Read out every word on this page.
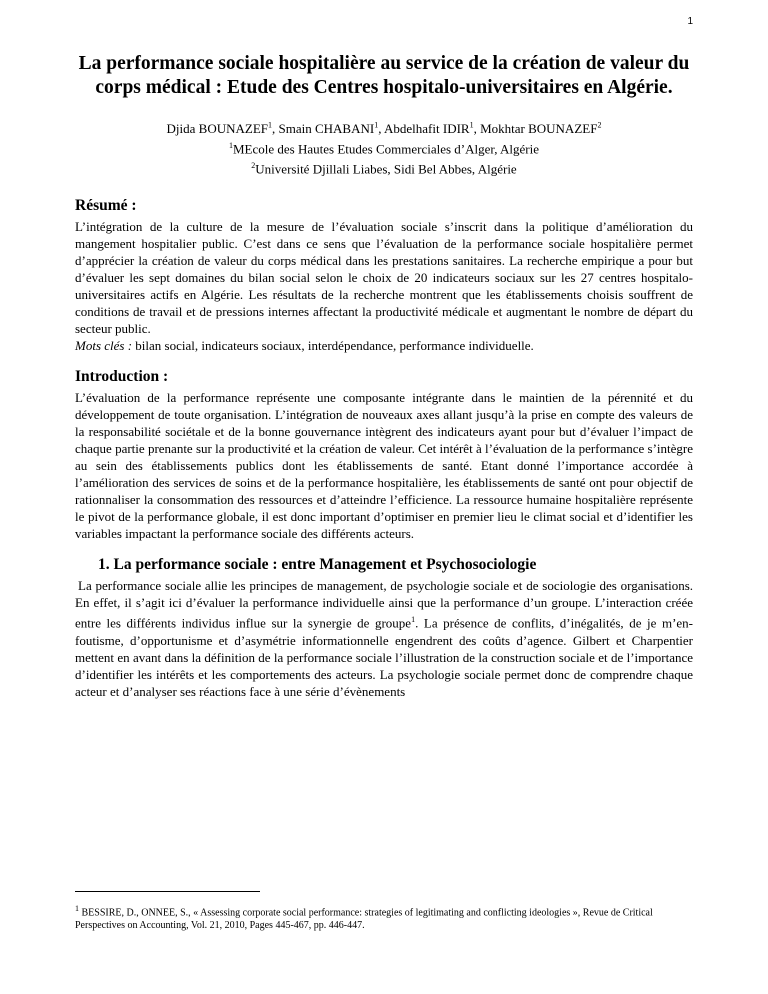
1
La performance sociale hospitalière au service de la création de valeur du corps médical : Etude des Centres hospitalo-universitaires en Algérie.
Djida BOUNAZEF$^1$, Smain CHABANI$^1$, Abdelhafit IDIR$^1$, Mokhtar BOUNAZEF$^2$
$^1$MEcole des Hautes Etudes Commerciales d’Alger, Algérie
$^2$Université Djillali Liabes, Sidi Bel Abbes, Algérie
Résumé :

L’intégration de la culture de la mesure de l’évaluation sociale s’inscrit dans la politique d’amélioration du mangement hospitalier public. C’est dans ce sens que l’évaluation de la performance sociale hospitalière permet d’apprécier la création de valeur du corps médical dans les prestations sanitaires. La recherche empirique a pour but d’évaluer les sept domaines du bilan social selon le choix de 20 indicateurs sociaux sur les 27 centres hospitalo-universitaires actifs en Algérie. Les résultats de la recherche montrent que les établissements choisis souffrent de conditions de travail et de pressions internes affectant la productivité médicale et augmentant le nombre de départ du secteur public.

Mots clés : bilan social, indicateurs sociaux, interdépendance, performance individuelle.
Introduction :

L’évaluation de la performance représente une composante intégrante dans le maintien de la pérennité et du développement de toute organisation. L’intégration de nouveaux axes allant jusqu’à la prise en compte des valeurs de la responsabilité sociétale et de la bonne gouvernance intègrent des indicateurs ayant pour but d’évaluer l’impact de chaque partie prenante sur la productivité et la création de valeur. Cet intérêt à l’évaluation de la performance s’intègre au sein des établissements publics dont les établissements de santé. Etant donné l’importance accordée à l’amélioration des services de soins et de la performance hospitalière, les établissements de santé ont pour objectif de rationnaliser la consommation des ressources et d’atteindre l’efficience. La ressource humaine hospitalière représente le pivot de la performance globale, il est donc important d’optimiser en premier lieu le climat social et d’identifier les variables impactant la performance sociale des différents acteurs.

1. La performance sociale : entre Management et Psychosociologie

La performance sociale allie les principes de management, de psychologie sociale et de sociologie des organisations. En effet, il s’agit ici d’évaluer la performance individuelle ainsi que la performance d’un groupe. L’interaction créée entre les différents individus influe sur la synergie de groupe$^1$. La présence de conflits, d’inégalités, de je m’en-foutisme, d’opportunisme et d’asymétrie informationnelle engendrent des coûts d’agence. Gilbert et Charpentier mettent en avant dans la définition de la performance sociale l’illustration de la construction sociale et de l’importance d’identifier les intérêts et les comportements des acteurs. La psychologie sociale permet donc de comprendre chaque acteur et d’analyser ses réactions face à une série d’évènements

$^1$ BESSIRE, D., ONNEE, S., « Assessing corporate social performance: strategies of legitimating and conflicting ideologies », Revue de Critical Perspectives on Accounting, Vol. 21, 2010, Pages 445-467, pp. 446-447.
